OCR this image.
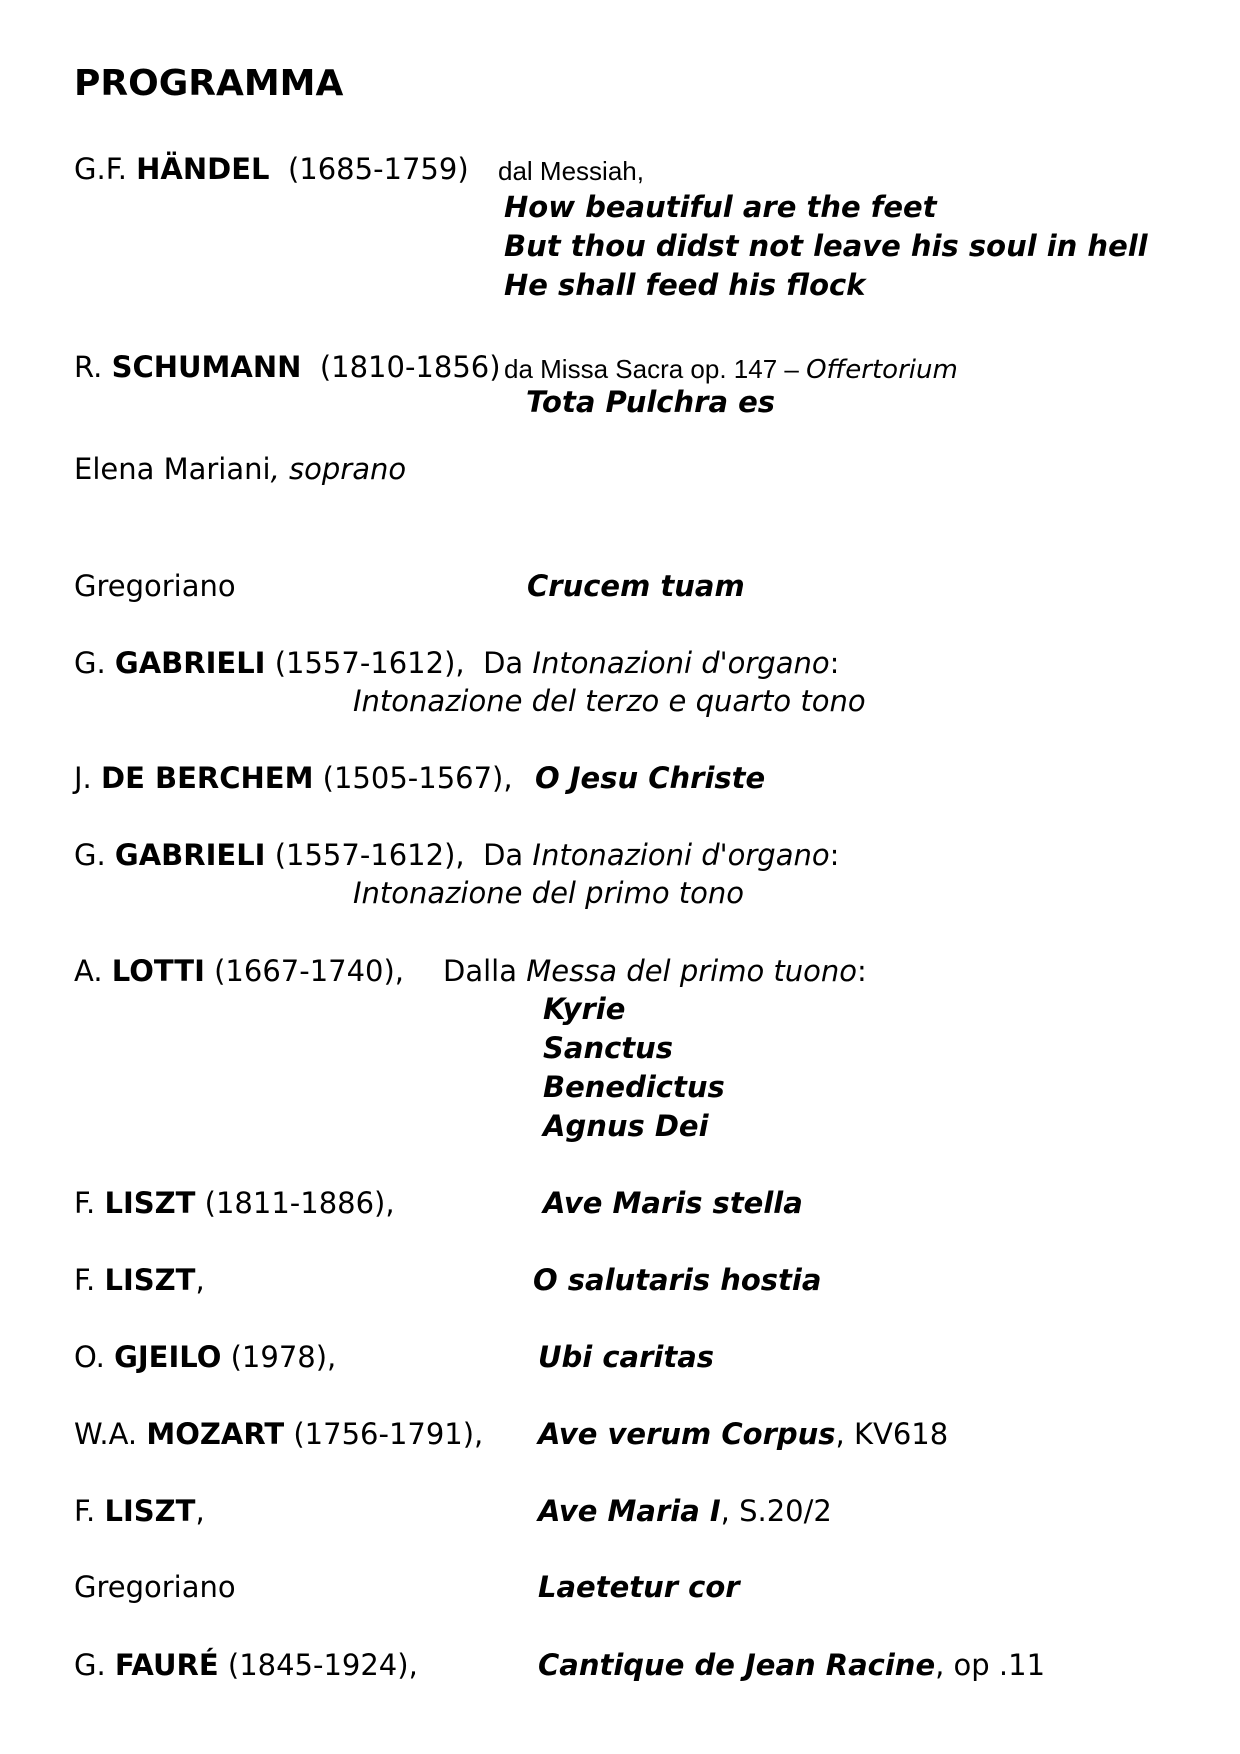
PROGRAMMA
G.F. HÄNDEL (1685-1759) dal Messiah,
How beautiful are the feet
But thou didst not leave his soul in hell
He shall feed his flock
R. SCHUMANN (1810-1856) da Missa Sacra op. 147 – Offertorium
Tota Pulchra es
Elena Mariani, soprano
Gregoriano	Crucem tuam
G. GABRIELI (1557-1612), Da Intonazioni d'organo:
Intonazione del terzo e quarto tono
J. DE BERCHEM (1505-1567), O Jesu Christe
G. GABRIELI (1557-1612), Da Intonazioni d'organo:
Intonazione del primo tono
A. LOTTI (1667-1740), Dalla Messa del primo tuono:
Kyrie
Sanctus
Benedictus
Agnus Dei
F. LISZT (1811-1886),	Ave Maris stella
F. LISZT,	O salutaris hostia
O. GJEILO (1978),	Ubi caritas
W.A. MOZART (1756-1791), Ave verum Corpus, KV618
F. LISZT,	Ave Maria I, S.20/2
Gregoriano	Laetetur cor
G. FAURÉ (1845-1924),	Cantique de Jean Racine, op .11
